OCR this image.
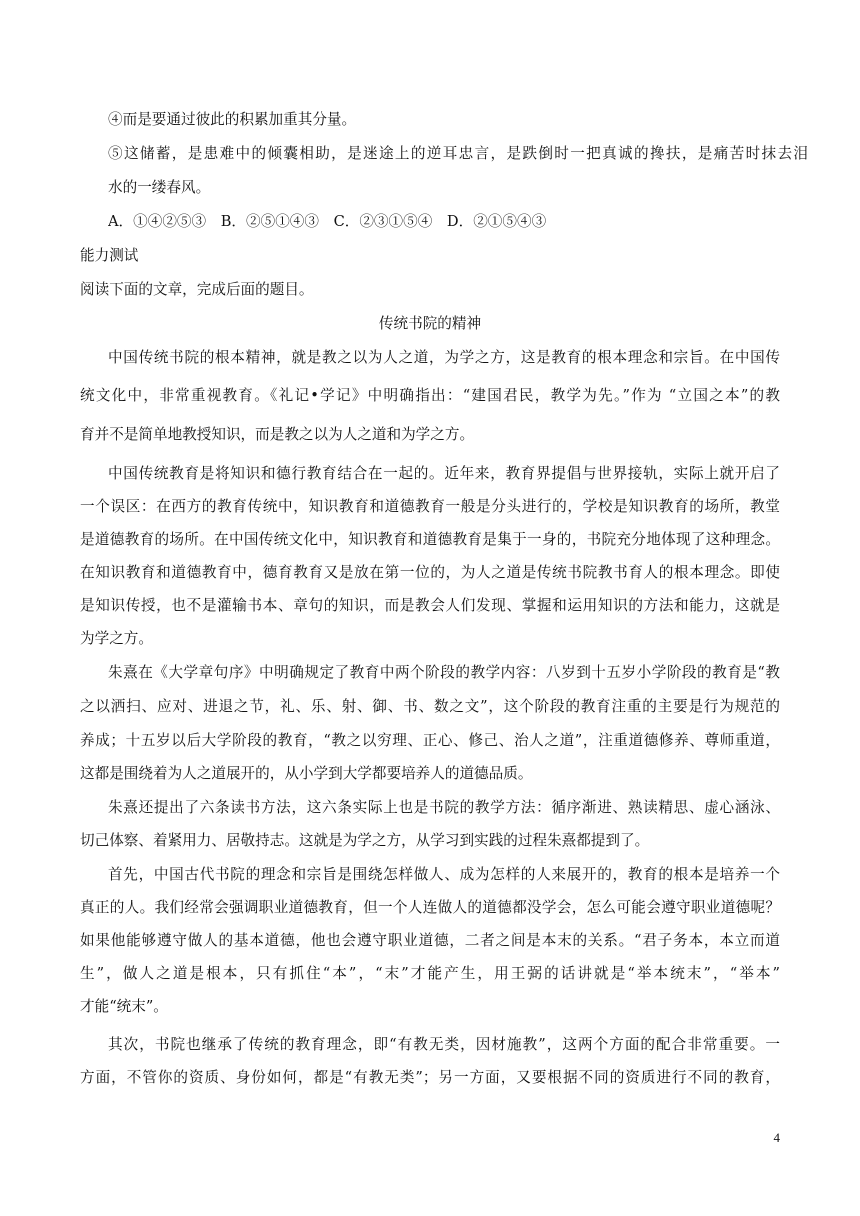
④而是要通过彼此的积累加重其分量。
⑤这储蓄，是患难中的倾囊相助，是迷途上的逆耳忠言，是跌倒时一把真诚的搀扶，是痛苦时抹去泪
水的一缕春风。
A．①④②⑤③　B．②⑤①④③　C．②③①⑤④　D．②①⑤④③
能力测试
阅读下面的文章，完成后面的题目。
传统书院的精神
中国传统书院的根本精神，就是教之以为人之道，为学之方，这是教育的根本理念和宗旨。在中国传
统文化中，非常重视教育。《礼记•学记》中明确指出：“建国君民，教学为先。”作为 “立国之本”的教
育并不是简单地教授知识，而是教之以为人之道和为学之方。
中国传统教育是将知识和德行教育结合在一起的。近年来，教育界提倡与世界接轨，实际上就开启了
一个误区：在西方的教育传统中，知识教育和道德教育一般是分头进行的，学校是知识教育的场所，教堂
是道德教育的场所。在中国传统文化中，知识教育和道德教育是集于一身的，书院充分地体现了这种理念。
在知识教育和道德教育中，德育教育又是放在第一位的，为人之道是传统书院教书育人的根本理念。即使
是知识传授，也不是灌输书本、章句的知识，而是教会人们发现、掌握和运用知识的方法和能力，这就是
为学之方。
朱熹在《大学章句序》中明确规定了教育中两个阶段的教学内容：八岁到十五岁小学阶段的教育是“教
之以洒扫、应对、进退之节，礼、乐、射、御、书、数之文”，这个阶段的教育注重的主要是行为规范的
养成；十五岁以后大学阶段的教育，“教之以穷理、正心、修己、治人之道”，注重道德修养、尊师重道，
这都是围绕着为人之道展开的，从小学到大学都要培养人的道德品质。
朱熹还提出了六条读书方法，这六条实际上也是书院的教学方法：循序渐进、熟读精思、虚心涵泳、
切己体察、着紧用力、居敬持志。这就是为学之方，从学习到实践的过程朱熹都提到了。
首先，中国古代书院的理念和宗旨是围绕怎样做人、成为怎样的人来展开的，教育的根本是培养一个
真正的人。我们经常会强调职业道德教育，但一个人连做人的道德都没学会，怎么可能会遵守职业道德呢？
如果他能够遵守做人的基本道德，他也会遵守职业道德，二者之间是本末的关系。“君子务本，本立而道
生”，做人之道是根本，只有抓住“本”，“末”才能产生，用王弼的话讲就是“举本统末”，“举本”
才能“统末”。
其次，书院也继承了传统的教育理念，即“有教无类，因材施教”，这两个方面的配合非常重要。一
方面，不管你的资质、身份如何，都是“有教无类”；另一方面，又要根据不同的资质进行不同的教育，
4
